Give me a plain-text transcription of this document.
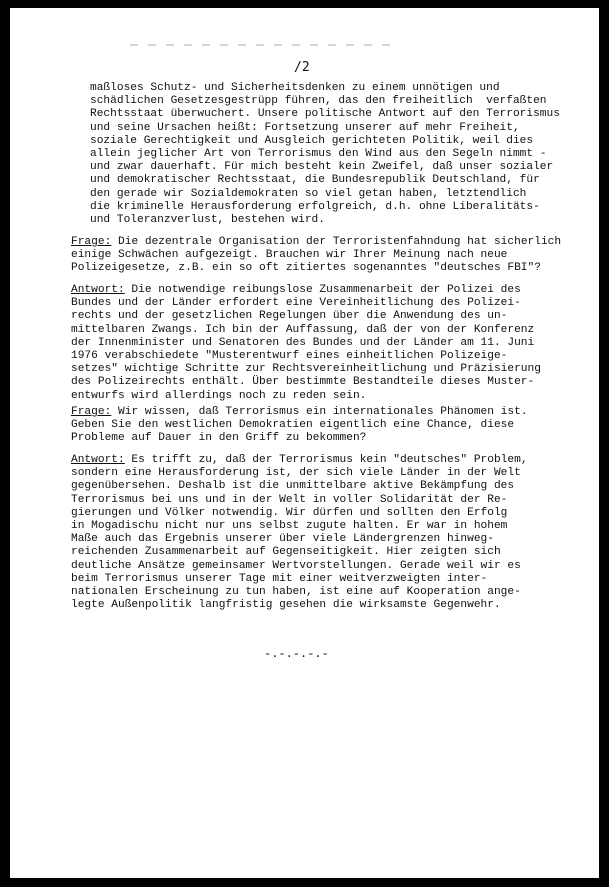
/2

maßloses Schutz- und Sicherheitsdenken zu einem unnötigen und
schädlichen Gesetzesgestrüpp führen, das den freiheitlich  verfaßten
Rechtsstaat überwuchert. Unsere politische Antwort auf den Terrorismus
und seine Ursachen heißt: Fortsetzung unserer auf mehr Freiheit,
soziale Gerechtigkeit und Ausgleich gerichteten Politik, weil dies
allein jeglicher Art von Terrorismus den Wind aus den Segeln nimmt -
und zwar dauerhaft. Für mich besteht kein Zweifel, daß unser sozialer
und demokratischer Rechtsstaat, die Bundesrepublik Deutschland, für
den gerade wir Sozialdemokraten so viel getan haben, letztendlich
die kriminelle Herausforderung erfolgreich, d.h. ohne Liberalitäts-
und Toleranzverlust, bestehen wird.

Frage: Die dezentrale Organisation der Terroristenfahndung hat sicherlich
einige Schwächen aufgezeigt. Brauchen wir Ihrer Meinung nach neue
Polizeigesetze, z.B. ein so oft zitiertes sogenanntes "deutsches FBI"?

Antwort: Die notwendige reibungslose Zusammenarbeit der Polizei des
Bundes und der Länder erfordert eine Vereinheitlichung des Polizei-
rechts und der gesetzlichen Regelungen über die Anwendung des un-
mittelbaren Zwangs. Ich bin der Auffassung, daß der von der Konferenz
der Innenminister und Senatoren des Bundes und der Länder am 11. Juni
1976 verabschiedete "Musterentwurf eines einheitlichen Polizeige-
setzes" wichtige Schritte zur Rechtsvereinheitlichung und Präzisierung
des Polizeirechts enthält. Über bestimmte Bestandteile dieses Muster-
entwurfs wird allerdings noch zu reden sein.

Frage: Wir wissen, daß Terrorismus ein internationales Phänomen ist.
Geben Sie den westlichen Demokratien eigentlich eine Chance, diese
Probleme auf Dauer in den Griff zu bekommen?

Antwort: Es trifft zu, daß der Terrorismus kein "deutsches" Problem,
sondern eine Herausforderung ist, der sich viele Länder in der Welt
gegenübersehen. Deshalb ist die unmittelbare aktive Bekämpfung des
Terrorismus bei uns und in der Welt in voller Solidarität der Re-
gierungen und Völker notwendig. Wir dürfen und sollten den Erfolg
in Mogadischu nicht nur uns selbst zugute halten. Er war in hohem
Maße auch das Ergebnis unserer über viele Ländergrenzen hinweg-
reichenden Zusammenarbeit auf Gegenseitigkeit. Hier zeigten sich
deutliche Ansätze gemeinsamer Wertvorstellungen. Gerade weil wir es
beim Terrorismus unserer Tage mit einer weitverzweigten inter-
nationalen Erscheinung zu tun haben, ist eine auf Kooperation ange-
legte Außenpolitik langfristig gesehen die wirksamste Gegenwehr.

-.-.-.-.-
